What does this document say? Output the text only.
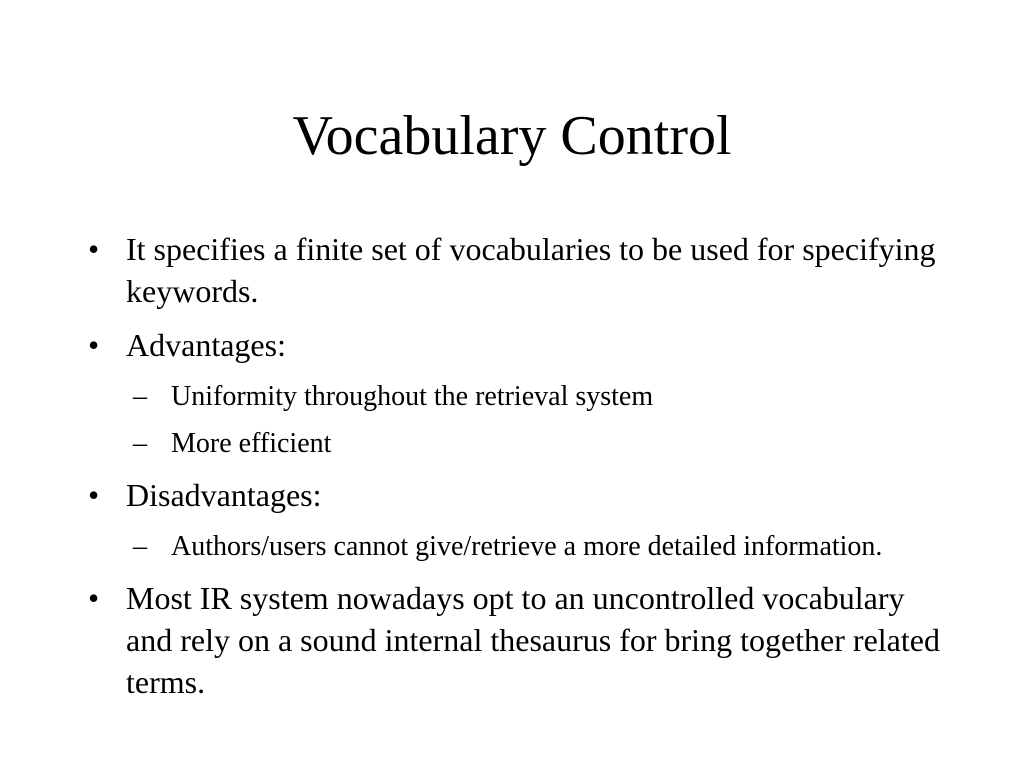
Vocabulary Control
• It specifies a finite set of vocabularies to be used for specifying keywords.
• Advantages:
– Uniformity throughout the retrieval system
– More efficient
• Disadvantages:
– Authors/users cannot give/retrieve a more detailed information.
• Most IR system nowadays opt to an uncontrolled vocabulary and rely on a sound internal thesaurus for bring together related terms.
